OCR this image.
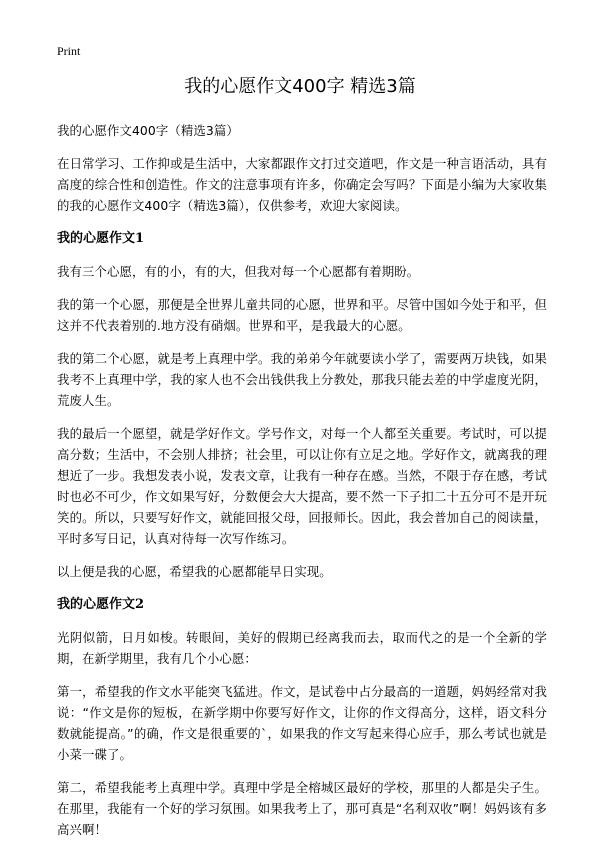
Print
我的心愿作文400字 精选3篇

我的心愿作文400字（精选3篇）

在日常学习、工作抑或是生活中，大家都跟作文打过交道吧，作文是一种言语活动，具有高度的综合性和创造性。作文的注意事项有许多，你确定会写吗？下面是小编为大家收集的我的心愿作文400字（精选3篇），仅供参考，欢迎大家阅读。

我的心愿作文1

我有三个心愿，有的小，有的大，但我对每一个心愿都有着期盼。

我的第一个心愿，那便是全世界儿童共同的心愿，世界和平。尽管中国如今处于和平，但这并不代表着别的.地方没有硝烟。世界和平，是我最大的心愿。

我的第二个心愿，就是考上真理中学。我的弟弟今年就要读小学了，需要两万块钱，如果我考不上真理中学，我的家人也不会出钱供我上分教处，那我只能去差的中学虚度光阴，荒废人生。

我的最后一个愿望，就是学好作文。学号作文，对每一个人都至关重要。考试时，可以提高分数；生活中，不会别人排挤；社会里，可以让你有立足之地。学好作文，就离我的理想近了一步。我想发表小说，发表文章，让我有一种存在感。当然，不限于存在感，考试时也必不可少，作文如果写好，分数便会大大提高，要不然一下子扣二十五分可不是开玩笑的。所以，只要写好作文，就能回报父母，回报师长。因此，我会普加自己的阅读量，平时多写日记，认真对待每一次写作练习。

以上便是我的心愿，希望我的心愿都能早日实现。

我的心愿作文2

光阴似箭，日月如梭。转眼间，美好的假期已经离我而去，取而代之的是一个全新的学期，在新学期里，我有几个小心愿：

第一，希望我的作文水平能突飞猛进。作文，是试卷中占分最高的一道题，妈妈经常对我说：“作文是你的短板，在新学期中你要写好作文，让你的作文得高分，这样，语文科分数就能提高。”的确，作文是很重要的`，如果我的作文写起来得心应手，那么考试也就是小菜一碟了。

第二，希望我能考上真理中学。真理中学是全榕城区最好的学校，那里的人都是尖子生。在那里，我能有一个好的学习氛围。如果我考上了，那可真是“名利双收”啊！妈妈该有多高兴啊！
